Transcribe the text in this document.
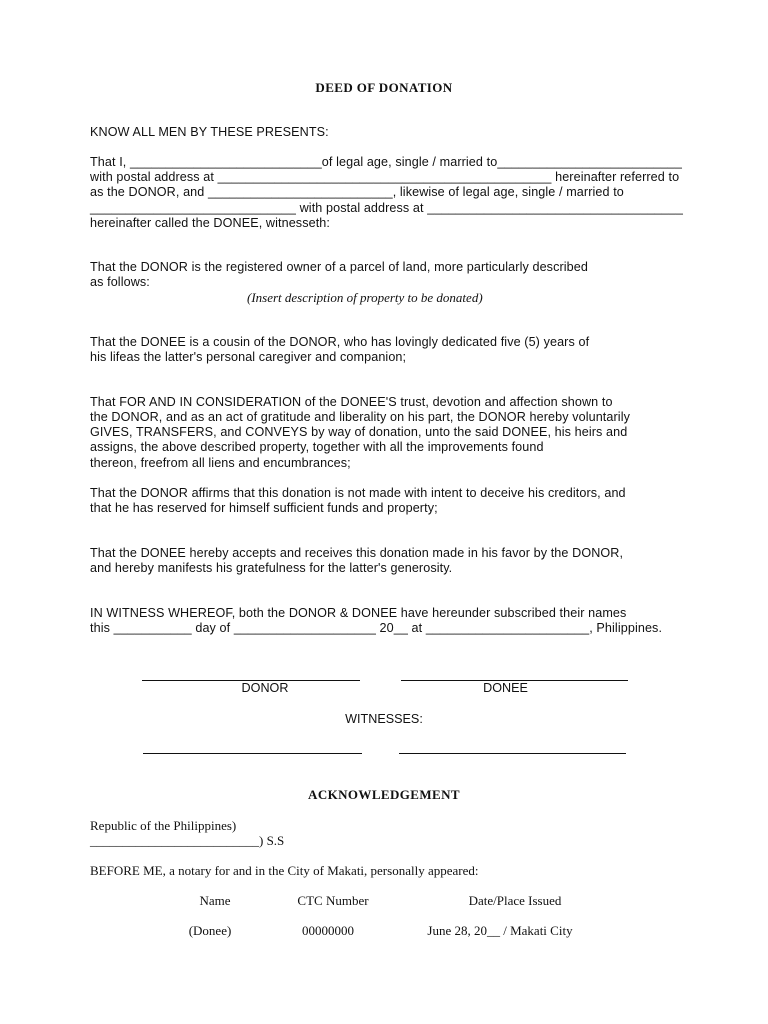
DEED OF DONATION
KNOW ALL MEN BY THESE PRESENTS:
That I, ___________________________of legal age, single / married to__________________________
with postal address at _______________________________________________ hereinafter referred to
as the DONOR, and __________________________, likewise of legal age, single / married to
_____________________________ with postal address at ____________________________________
hereinafter called the DONEE, witnesseth:
That the DONOR is the registered owner of a parcel of land, more particularly described
as follows:
(Insert description of property to be donated)
That the DONEE is a cousin of the DONOR, who has lovingly dedicated five (5) years of
his lifeas the latter's personal caregiver and companion;
That FOR AND IN CONSIDERATION of the DONEE'S trust, devotion and affection shown to
the DONOR, and as an act of gratitude and liberality on his part, the DONOR hereby voluntarily
GIVES, TRANSFERS, and CONVEYS by way of donation, unto the said DONEE, his heirs and
assigns, the above described property, together with all the improvements found
thereon, freefrom all liens and encumbrances;
That the DONOR affirms that this donation is not made with intent to deceive his creditors, and
that he has reserved for himself sufficient funds and property;
That the DONEE hereby accepts and receives this donation made in his favor by the DONOR,
and hereby manifests his gratefulness for the latter's generosity.
IN WITNESS WHEREOF, both the DONOR & DONEE have hereunder subscribed their names
this ___________ day of ____________________ 20__ at _______________________, Philippines.
DONOR	DONEE
WITNESSES:
ACKNOWLEDGEMENT
Republic of the Philippines)
__________________________) S.S
BEFORE ME, a notary for and in the City of Makati, personally appeared:
Name	CTC Number	Date/Place Issued
(Donee)	00000000	June 28, 20__ / Makati City
